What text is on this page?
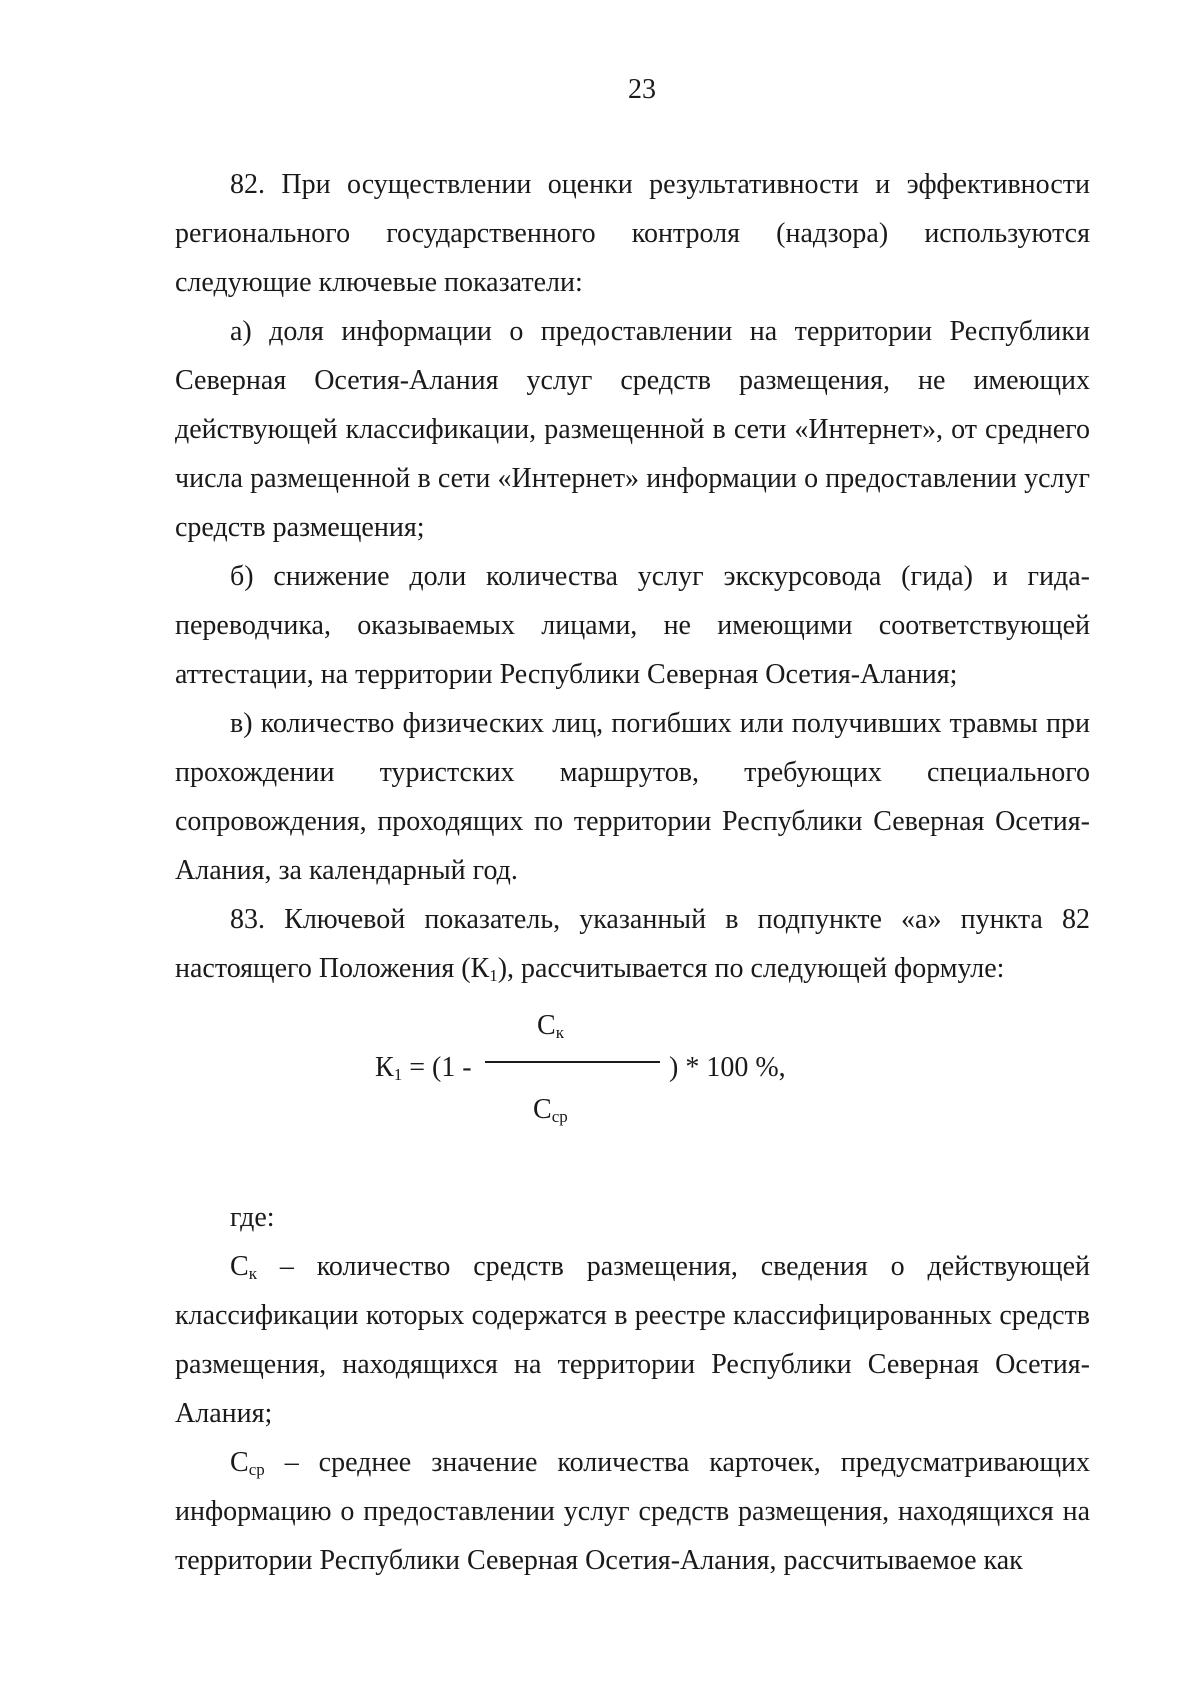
23

82. При осуществлении оценки результативности и эффективности регионального государственного контроля (надзора) используются следующие ключевые показатели:

а) доля информации о предоставлении на территории Республики Северная Осетия-Алания услуг средств размещения, не имеющих действующей классификации, размещенной в сети «Интернет», от среднего числа размещенной в сети «Интернет» информации о предоставлении услуг средств размещения;

б) снижение доли количества услуг экскурсовода (гида) и гида-переводчика, оказываемых лицами, не имеющими соответствующей аттестации, на территории Республики Северная Осетия-Алания;

в) количество физических лиц, погибших или получивших травмы при прохождении туристских маршрутов, требующих специального сопровождения, проходящих по территории Республики Северная Осетия-Алания, за календарный год.

83. Ключевой показатель, указанный в подпункте «а» пункта 82 настоящего Положения $(К_1)$, рассчитывается по следующей формуле:

$К_1 = (1$ -
$С_к$
$С_{ср}$
) * 100 %,

где:

$С_к$ – количество средств размещения, сведения о действующей классификации которых содержатся в реестре классифицированных средств размещения, находящихся на территории Республики Северная Осетия-Алания;

$С_{ср}$ – среднее значение количества карточек, предусматривающих информацию о предоставлении услуг средств размещения, находящихся на территории Республики Северная Осетия-Алания, рассчитываемое как
